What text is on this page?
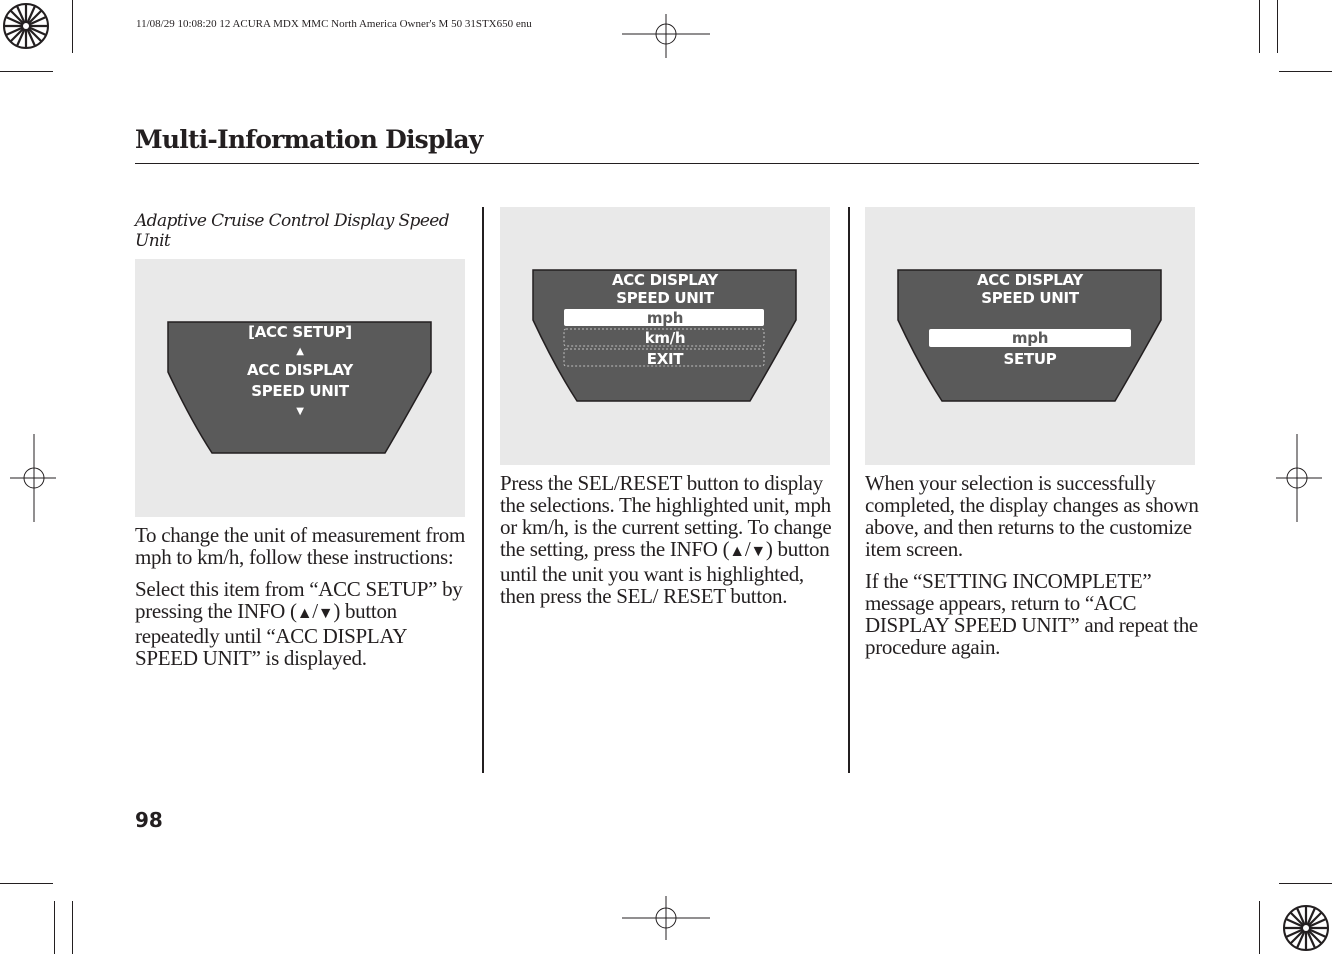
11/08/29 10:08:20 12 ACURA MDX MMC North America Owner's M 50 31STX650 enu
Multi-Information Display
Adaptive Cruise Control Display Speed Unit
[ACC SETUP]
▲
ACC DISPLAY
SPEED UNIT
▼

To change the unit of measurement from mph to km/h, follow these instructions:

Select this item from “ACC SETUP” by pressing the INFO (▲/▼) button repeatedly until “ACC DISPLAY SPEED UNIT” is displayed.

ACC DISPLAY
SPEED UNIT
mph
km/h
EXIT

Press the SEL/RESET button to display the selections. The highlighted unit, mph or km/h, is the current setting. To change the setting, press the INFO (▲/▼) button until the unit you want is highlighted, then press the SEL/ RESET button.

ACC DISPLAY
SPEED UNIT
mph
SETUP

When your selection is successfully completed, the display changes as shown above, and then returns to the customize item screen.

If the “SETTING INCOMPLETE” message appears, return to “ACC DISPLAY SPEED UNIT” and repeat the procedure again.

98
